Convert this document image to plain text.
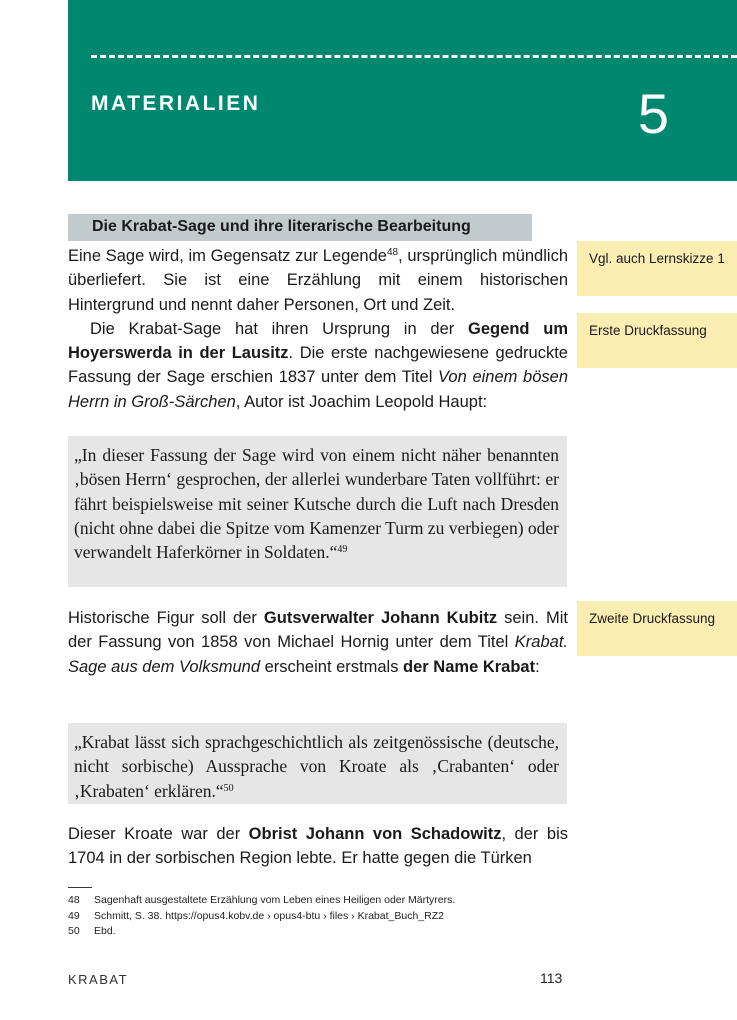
MATERIALIEN	5
Die Krabat-Sage und ihre literarische Bearbeitung

Eine Sage wird, im Gegensatz zur Legende$^{48}$, ursprünglich mündlich überliefert. Sie ist eine Erzählung mit einem historischen Hintergrund und nennt daher Personen, Ort und Zeit.

Die Krabat-Sage hat ihren Ursprung in der Gegend um Hoyerswerda in der Lausitz. Die erste nachgewiesene gedruckte Fassung der Sage erschien 1837 unter dem Titel Von einem bösen Herrn in Groß-Särchen, Autor ist Joachim Leopold Haupt:

„In dieser Fassung der Sage wird von einem nicht näher benannten ‚bösen Herrn‘ gesprochen, der allerlei wunderbare Taten vollführt: er fährt beispielsweise mit seiner Kutsche durch die Luft nach Dresden (nicht ohne dabei die Spitze vom Kamenzer Turm zu verbiegen) oder verwandelt Haferkörner in Soldaten.“$^{49}$

Historische Figur soll der Gutsverwalter Johann Kubitz sein. Mit der Fassung von 1858 von Michael Hornig unter dem Titel Krabat. Sage aus dem Volksmund erscheint erstmals der Name Krabat:

„Krabat lässt sich sprachgeschichtlich als zeitgenössische (deutsche, nicht sorbische) Aussprache von Kroate als ‚Crabanten‘ oder ‚Krabaten‘ erklären.“$^{50}$

Dieser Kroate war der Obrist Johann von Schadowitz, der bis 1704 in der sorbischen Region lebte. Er hatte gegen die Türken

Vgl. auch Lernskizze 1
Erste Druckfassung
Zweite Druckfassung
48 Sagenhaft ausgestaltete Erzählung vom Leben eines Heiligen oder Märtyrers.
49 Schmitt, S. 38. https://opus4.kobv.de › opus4-btu › files › Krabat_Buch_RZ2
50 Ebd.
KRABAT	113
